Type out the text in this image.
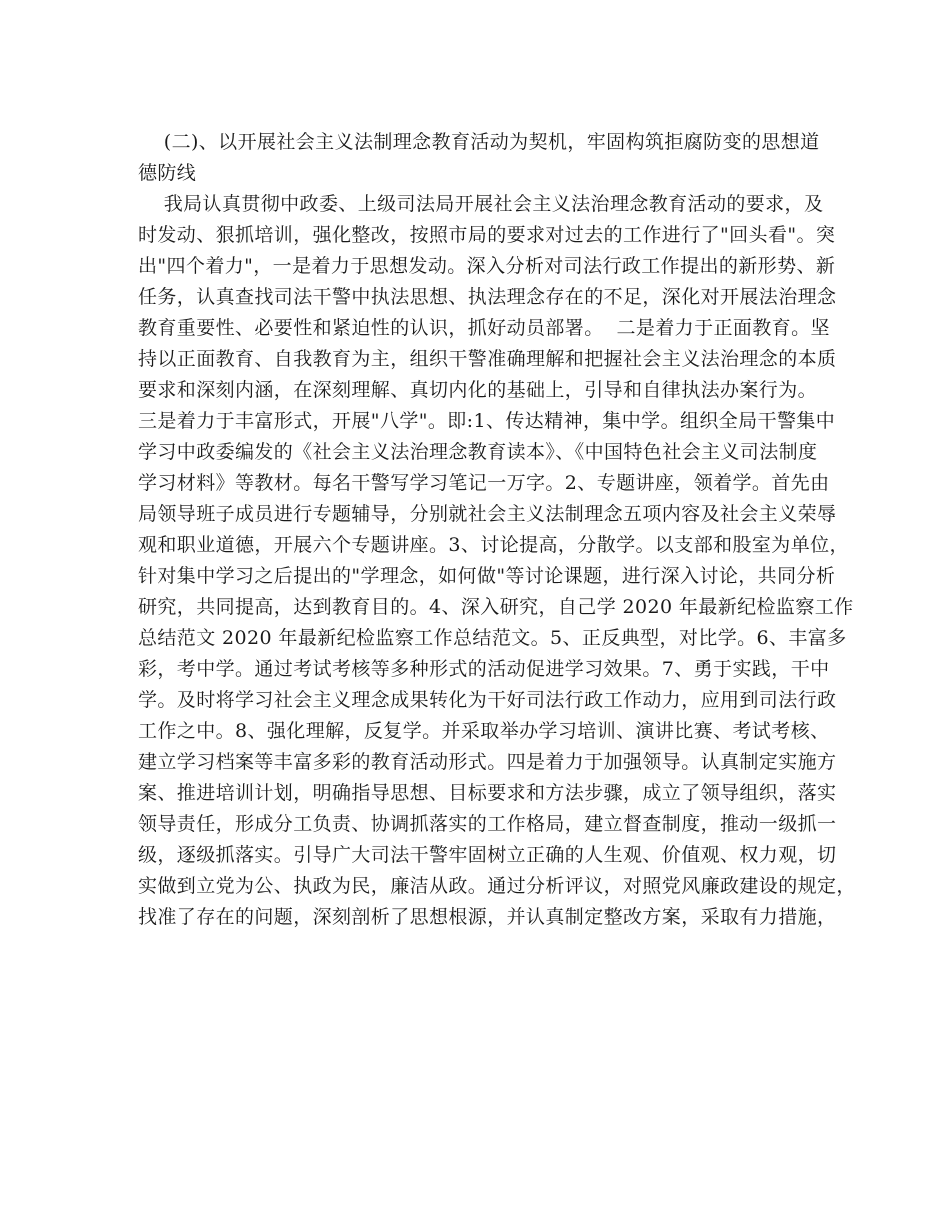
(二)、以开展社会主义法制理念教育活动为契机，牢固构筑拒腐防变的思想道
德防线

我局认真贯彻中政委、上级司法局开展社会主义法治理念教育活动的要求，及
时发动、狠抓培训，强化整改，按照市局的要求对过去的工作进行了"回头看"。突
出"四个着力"，一是着力于思想发动。深入分析对司法行政工作提出的新形势、新
任务，认真查找司法干警中执法思想、执法理念存在的不足，深化对开展法治理念
教育重要性、必要性和紧迫性的认识，抓好动员部署。  二是着力于正面教育。坚
持以正面教育、自我教育为主，组织干警准确理解和把握社会主义法治理念的本质
要求和深刻内涵，在深刻理解、真切内化的基础上，引导和自律执法办案行为。
三是着力于丰富形式，开展"八学"。即:1、传达精神，集中学。组织全局干警集中
学习中政委编发的《社会主义法治理念教育读本》、《中国特色社会主义司法制度
学习材料》等教材。每名干警写学习笔记一万字。2、专题讲座，领着学。首先由
局领导班子成员进行专题辅导，分别就社会主义法制理念五项内容及社会主义荣辱
观和职业道德，开展六个专题讲座。3、讨论提高，分散学。以支部和股室为单位，
针对集中学习之后提出的"学理念，如何做"等讨论课题，进行深入讨论，共同分析
研究，共同提高，达到教育目的。4、深入研究，自己学 2020 年最新纪检监察工作
总结范文 2020 年最新纪检监察工作总结范文。5、正反典型，对比学。6、丰富多
彩，考中学。通过考试考核等多种形式的活动促进学习效果。7、勇于实践，干中
学。及时将学习社会主义理念成果转化为干好司法行政工作动力，应用到司法行政
工作之中。8、强化理解，反复学。并采取举办学习培训、演讲比赛、考试考核、
建立学习档案等丰富多彩的教育活动形式。四是着力于加强领导。认真制定实施方
案、推进培训计划，明确指导思想、目标要求和方法步骤，成立了领导组织，落实
领导责任，形成分工负责、协调抓落实的工作格局，建立督查制度，推动一级抓一
级，逐级抓落实。引导广大司法干警牢固树立正确的人生观、价值观、权力观，切
实做到立党为公、执政为民，廉洁从政。通过分析评议，对照党风廉政建设的规定，
找准了存在的问题，深刻剖析了思想根源，并认真制定整改方案，采取有力措施，
